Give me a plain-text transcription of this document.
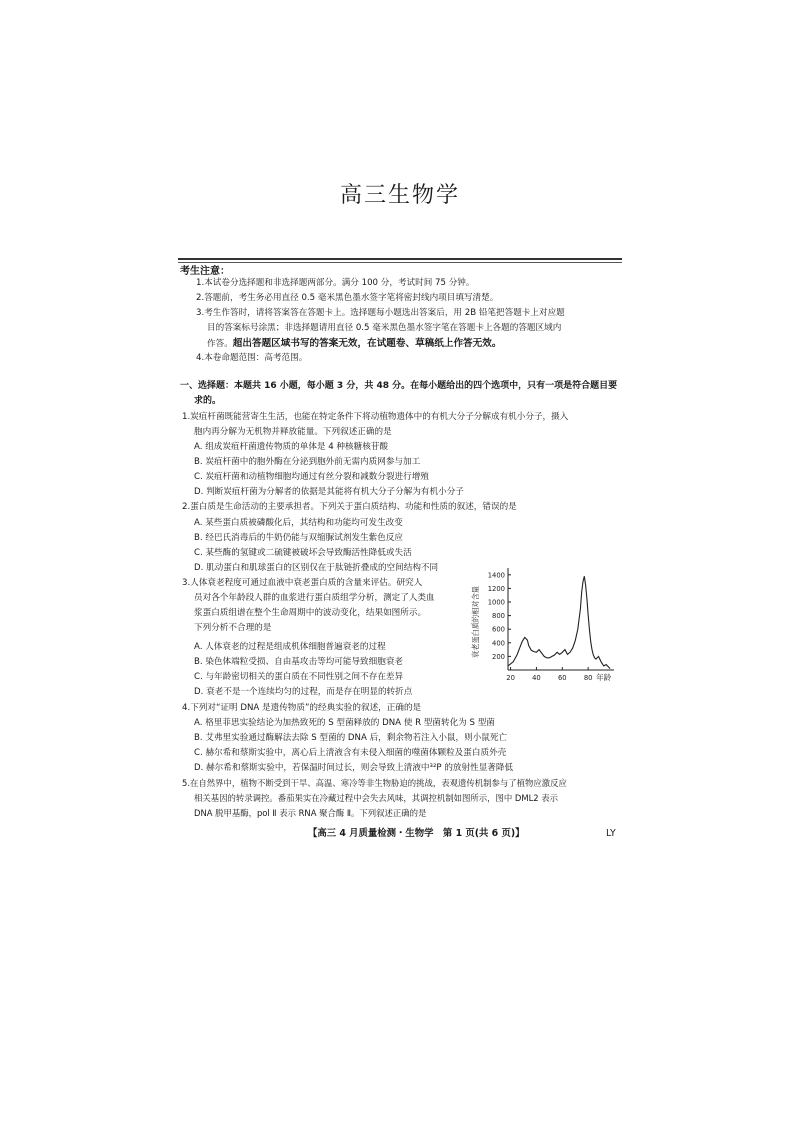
高三生物学
考生注意：
1.本试卷分选择题和非选择题两部分。满分 100 分，考试时间 75 分钟。
2.答题前，考生务必用直径 0.5 毫米黑色墨水签字笔将密封线内项目填写清楚。
3.考生作答时，请将答案答在答题卡上。选择题每小题选出答案后，用 2B 铅笔把答题卡上对应题
目的答案标号涂黑；非选择题请用直径 0.5 毫米黑色墨水签字笔在答题卡上各题的答题区域内
作答。超出答题区域书写的答案无效，在试题卷、草稿纸上作答无效。
4.本卷命题范围：高考范围。
一、选择题：本题共 16 小题，每小题 3 分，共 48 分。在每小题给出的四个选项中，只有一项是符合题目要
求的。
1.炭疽杆菌既能营寄生生活，也能在特定条件下将动植物遗体中的有机大分子分解成有机小分子，摄入
胞内再分解为无机物并释放能量。下列叙述正确的是
A. 组成炭疽杆菌遗传物质的单体是 4 种核糖核苷酸
B. 炭疽杆菌中的胞外酶在分泌到胞外前无需内质网参与加工
C. 炭疽杆菌和动植物细胞均通过有丝分裂和减数分裂进行增殖
D. 判断炭疽杆菌为分解者的依据是其能将有机大分子分解为有机小分子
2.蛋白质是生命活动的主要承担者。下列关于蛋白质结构、功能和性质的叙述，错误的是
A. 某些蛋白质被磷酸化后，其结构和功能均可发生改变
B. 经巴氏消毒后的牛奶仍能与双缩脲试剂发生紫色反应
C. 某些酶的氢键或二硫键被破坏会导致酶活性降低或失活
D. 肌动蛋白和肌球蛋白的区别仅在于肽链折叠成的空间结构不同
3.人体衰老程度可通过血液中衰老蛋白质的含量来评估。研究人
员对各个年龄段人群的血浆进行蛋白质组学分析，测定了人类血
浆蛋白质组谱在整个生命周期中的波动变化，结果如图所示。
下列分析不合理的是
A. 人体衰老的过程是组成机体细胞普遍衰老的过程
B. 染色体端粒受损、自由基攻击等均可能导致细胞衰老
C. 与年龄密切相关的蛋白质在不同性别之间不存在差异
D. 衰老不是一个连续均匀的过程，而是存在明显的转折点
衰老蛋白质的相对含量 200
400
600
800
1000
1200
1400
20	40	60	80 年龄
4.下列对“证明 DNA 是遗传物质”的经典实验的叙述，正确的是
A. 格里菲思实验结论为加热致死的 S 型菌释放的 DNA 使 R 型菌转化为 S 型菌
B. 艾弗里实验通过酶解法去除 S 型菌的 DNA 后，剩余物若注入小鼠，则小鼠死亡
C. 赫尔希和蔡斯实验中，离心后上清液含有未侵入细菌的噬菌体颗粒及蛋白质外壳
D. 赫尔希和蔡斯实验中，若保温时间过长，则会导致上清液中³²P 的放射性显著降低
5.在自然界中，植物不断受到干旱、高温、寒冷等非生物胁迫的挑战，表观遗传机制参与了植物应激反应
相关基因的转录调控。番茄果实在冷藏过程中会失去风味，其调控机制如图所示，图中 DML2 表示
DNA 脱甲基酶，pol Ⅱ 表示 RNA 聚合酶 Ⅱ。下列叙述正确的是
【高三 4 月质量检测・生物学　第 1 页(共 6 页)】	LY
